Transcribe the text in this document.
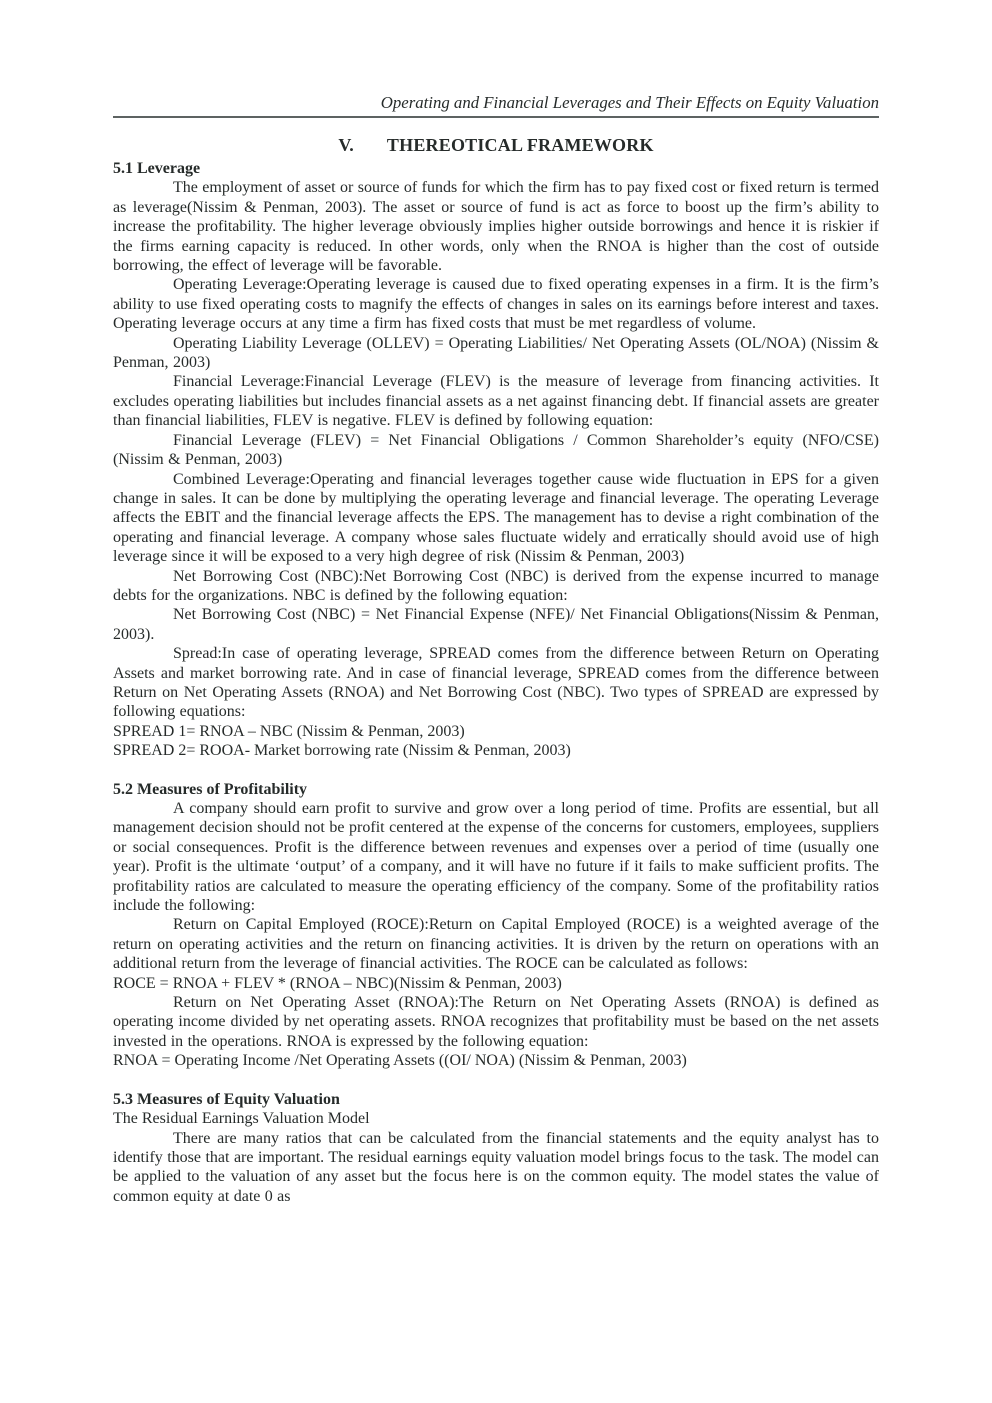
Operating and Financial Leverages and Their Effects on Equity Valuation
V. THEREOTICAL FRAMEWORK
5.1 Leverage

The employment of asset or source of funds for which the firm has to pay fixed cost or fixed return is termed as leverage(Nissim & Penman, 2003). The asset or source of fund is act as force to boost up the firm’s ability to increase the profitability. The higher leverage obviously implies higher outside borrowings and hence it is riskier if the firms earning capacity is reduced. In other words, only when the RNOA is higher than the cost of outside borrowing, the effect of leverage will be favorable.

Operating Leverage:Operating leverage is caused due to fixed operating expenses in a firm. It is the firm’s ability to use fixed operating costs to magnify the effects of changes in sales on its earnings before interest and taxes. Operating leverage occurs at any time a firm has fixed costs that must be met regardless of volume.

Operating Liability Leverage (OLLEV) = Operating Liabilities/ Net Operating Assets (OL/NOA) (Nissim & Penman, 2003)

Financial Leverage:Financial Leverage (FLEV) is the measure of leverage from financing activities. It excludes operating liabilities but includes financial assets as a net against financing debt. If financial assets are greater than financial liabilities, FLEV is negative. FLEV is defined by following equation:

Financial Leverage (FLEV) = Net Financial Obligations / Common Shareholder’s equity (NFO/CSE) (Nissim & Penman, 2003)

Combined Leverage:Operating and financial leverages together cause wide fluctuation in EPS for a given change in sales. It can be done by multiplying the operating leverage and financial leverage. The operating Leverage affects the EBIT and the financial leverage affects the EPS. The management has to devise a right combination of the operating and financial leverage. A company whose sales fluctuate widely and erratically should avoid use of high leverage since it will be exposed to a very high degree of risk (Nissim & Penman, 2003)

Net Borrowing Cost (NBC):Net Borrowing Cost (NBC) is derived from the expense incurred to manage debts for the organizations. NBC is defined by the following equation:

Net Borrowing Cost (NBC) = Net Financial Expense (NFE)/ Net Financial Obligations(Nissim & Penman, 2003).

Spread:In case of operating leverage, SPREAD comes from the difference between Return on Operating Assets and market borrowing rate. And in case of financial leverage, SPREAD comes from the difference between Return on Net Operating Assets (RNOA) and Net Borrowing Cost (NBC). Two types of SPREAD are expressed by following equations:

SPREAD 1= RNOA – NBC (Nissim & Penman, 2003)

SPREAD 2= ROOA- Market borrowing rate (Nissim & Penman, 2003)

5.2 Measures of Profitability

A company should earn profit to survive and grow over a long period of time. Profits are essential, but all management decision should not be profit centered at the expense of the concerns for customers, employees, suppliers or social consequences. Profit is the difference between revenues and expenses over a period of time (usually one year). Profit is the ultimate ‘output’ of a company, and it will have no future if it fails to make sufficient profits. The profitability ratios are calculated to measure the operating efficiency of the company. Some of the profitability ratios include the following:

Return on Capital Employed (ROCE):Return on Capital Employed (ROCE) is a weighted average of the return on operating activities and the return on financing activities. It is driven by the return on operations with an additional return from the leverage of financial activities. The ROCE can be calculated as follows:

ROCE = RNOA + FLEV * (RNOA – NBC)(Nissim & Penman, 2003)

Return on Net Operating Asset (RNOA):The Return on Net Operating Assets (RNOA) is defined as operating income divided by net operating assets. RNOA recognizes that profitability must be based on the net assets invested in the operations. RNOA is expressed by the following equation:

RNOA = Operating Income /Net Operating Assets ((OI/ NOA) (Nissim & Penman, 2003)

5.3 Measures of Equity Valuation

The Residual Earnings Valuation Model

There are many ratios that can be calculated from the financial statements and the equity analyst has to identify those that are important. The residual earnings equity valuation model brings focus to the task. The model can be applied to the valuation of any asset but the focus here is on the common equity. The model states the value of common equity at date 0 as
